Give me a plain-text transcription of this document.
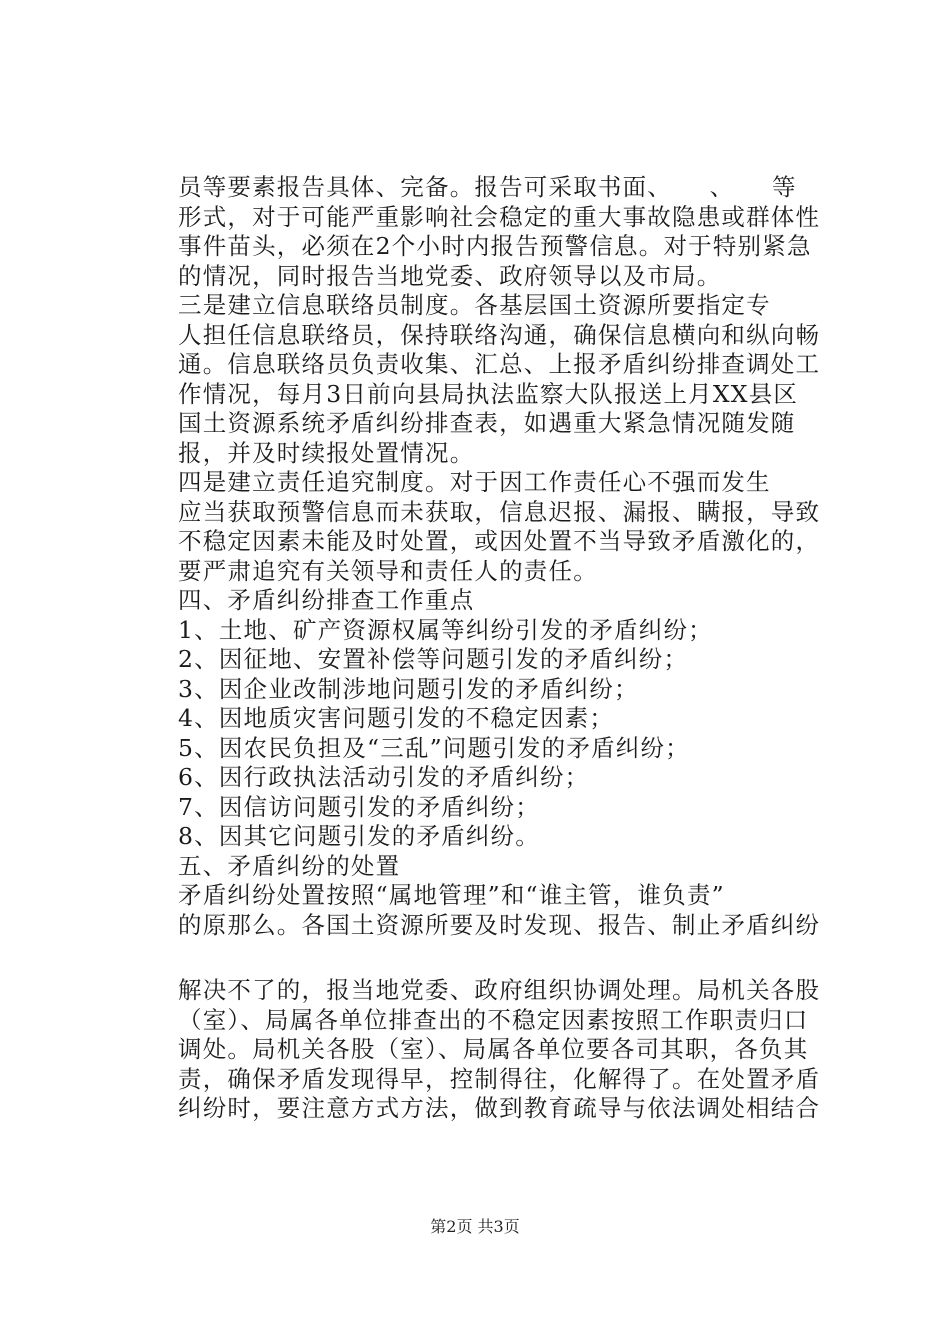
员等要素报告具体、完备。报告可采取书面、　　、　　等
形式，对于可能严重影响社会稳定的重大事故隐患或群体性
事件苗头，必须在2个小时内报告预警信息。对于特别紧急
的情况，同时报告当地党委、政府领导以及市局。
三是建立信息联络员制度。各基层国土资源所要指定专
人担任信息联络员，保持联络沟通，确保信息横向和纵向畅
通。信息联络员负责收集、汇总、上报矛盾纠纷排查调处工
作情况，每月3日前向县局执法监察大队报送上月XX县区
国土资源系统矛盾纠纷排查表，如遇重大紧急情况随发随
报，并及时续报处置情况。
四是建立责任追究制度。对于因工作责任心不强而发生
应当获取预警信息而未获取，信息迟报、漏报、瞒报，导致
不稳定因素未能及时处置，或因处置不当导致矛盾激化的，
要严肃追究有关领导和责任人的责任。
四、矛盾纠纷排查工作重点
1、土地、矿产资源权属等纠纷引发的矛盾纠纷；
2、因征地、安置补偿等问题引发的矛盾纠纷；
3、因企业改制涉地问题引发的矛盾纠纷；
4、因地质灾害问题引发的不稳定因素；
5、因农民负担及“三乱”问题引发的矛盾纠纷；
6、因行政执法活动引发的矛盾纠纷；
7、因信访问题引发的矛盾纠纷；
8、因其它问题引发的矛盾纠纷。
五、矛盾纠纷的处置
矛盾纠纷处置按照“属地管理”和“谁主管，谁负责”
的原那么。各国土资源所要及时发现、报告、制止矛盾纠纷
解决不了的，报当地党委、政府组织协调处理。局机关各股
（室）、局属各单位排查出的不稳定因素按照工作职责归口
调处。局机关各股（室）、局属各单位要各司其职，各负其
责，确保矛盾发现得早，控制得往，化解得了。在处置矛盾
纠纷时，要注意方式方法，做到教育疏导与依法调处相结合
第2页 共3页
